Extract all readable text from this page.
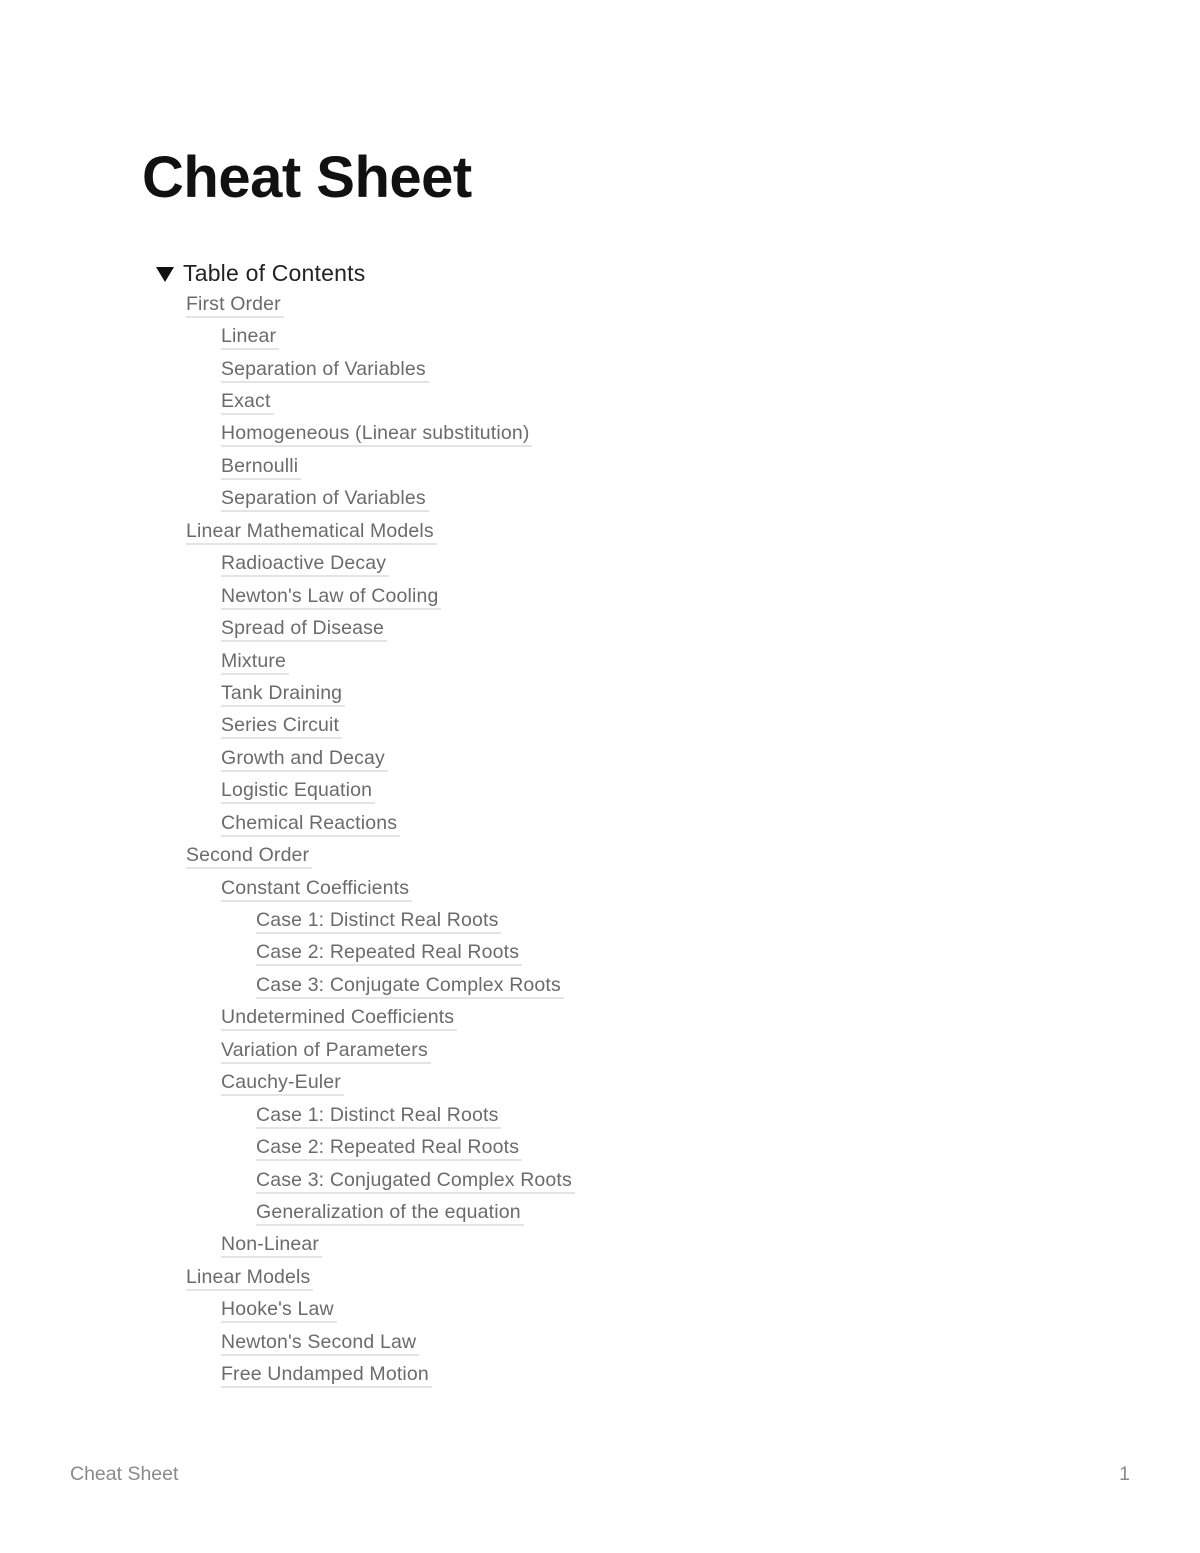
Cheat Sheet
Table of Contents
First Order
Linear
Separation of Variables
Exact
Homogeneous (Linear substitution)
Bernoulli
Separation of Variables
Linear Mathematical Models
Radioactive Decay
Newton's Law of Cooling
Spread of Disease
Mixture
Tank Draining
Series Circuit
Growth and Decay
Logistic Equation
Chemical Reactions
Second Order
Constant Coefficients
Case 1: Distinct Real Roots
Case 2: Repeated Real Roots
Case 3: Conjugate Complex Roots
Undetermined Coefficients
Variation of Parameters
Cauchy-Euler
Case 1: Distinct Real Roots
Case 2: Repeated Real Roots
Case 3: Conjugated Complex Roots
Generalization of the equation
Non-Linear
Linear Models
Hooke's Law
Newton's Second Law
Free Undamped Motion
Cheat Sheet	1
